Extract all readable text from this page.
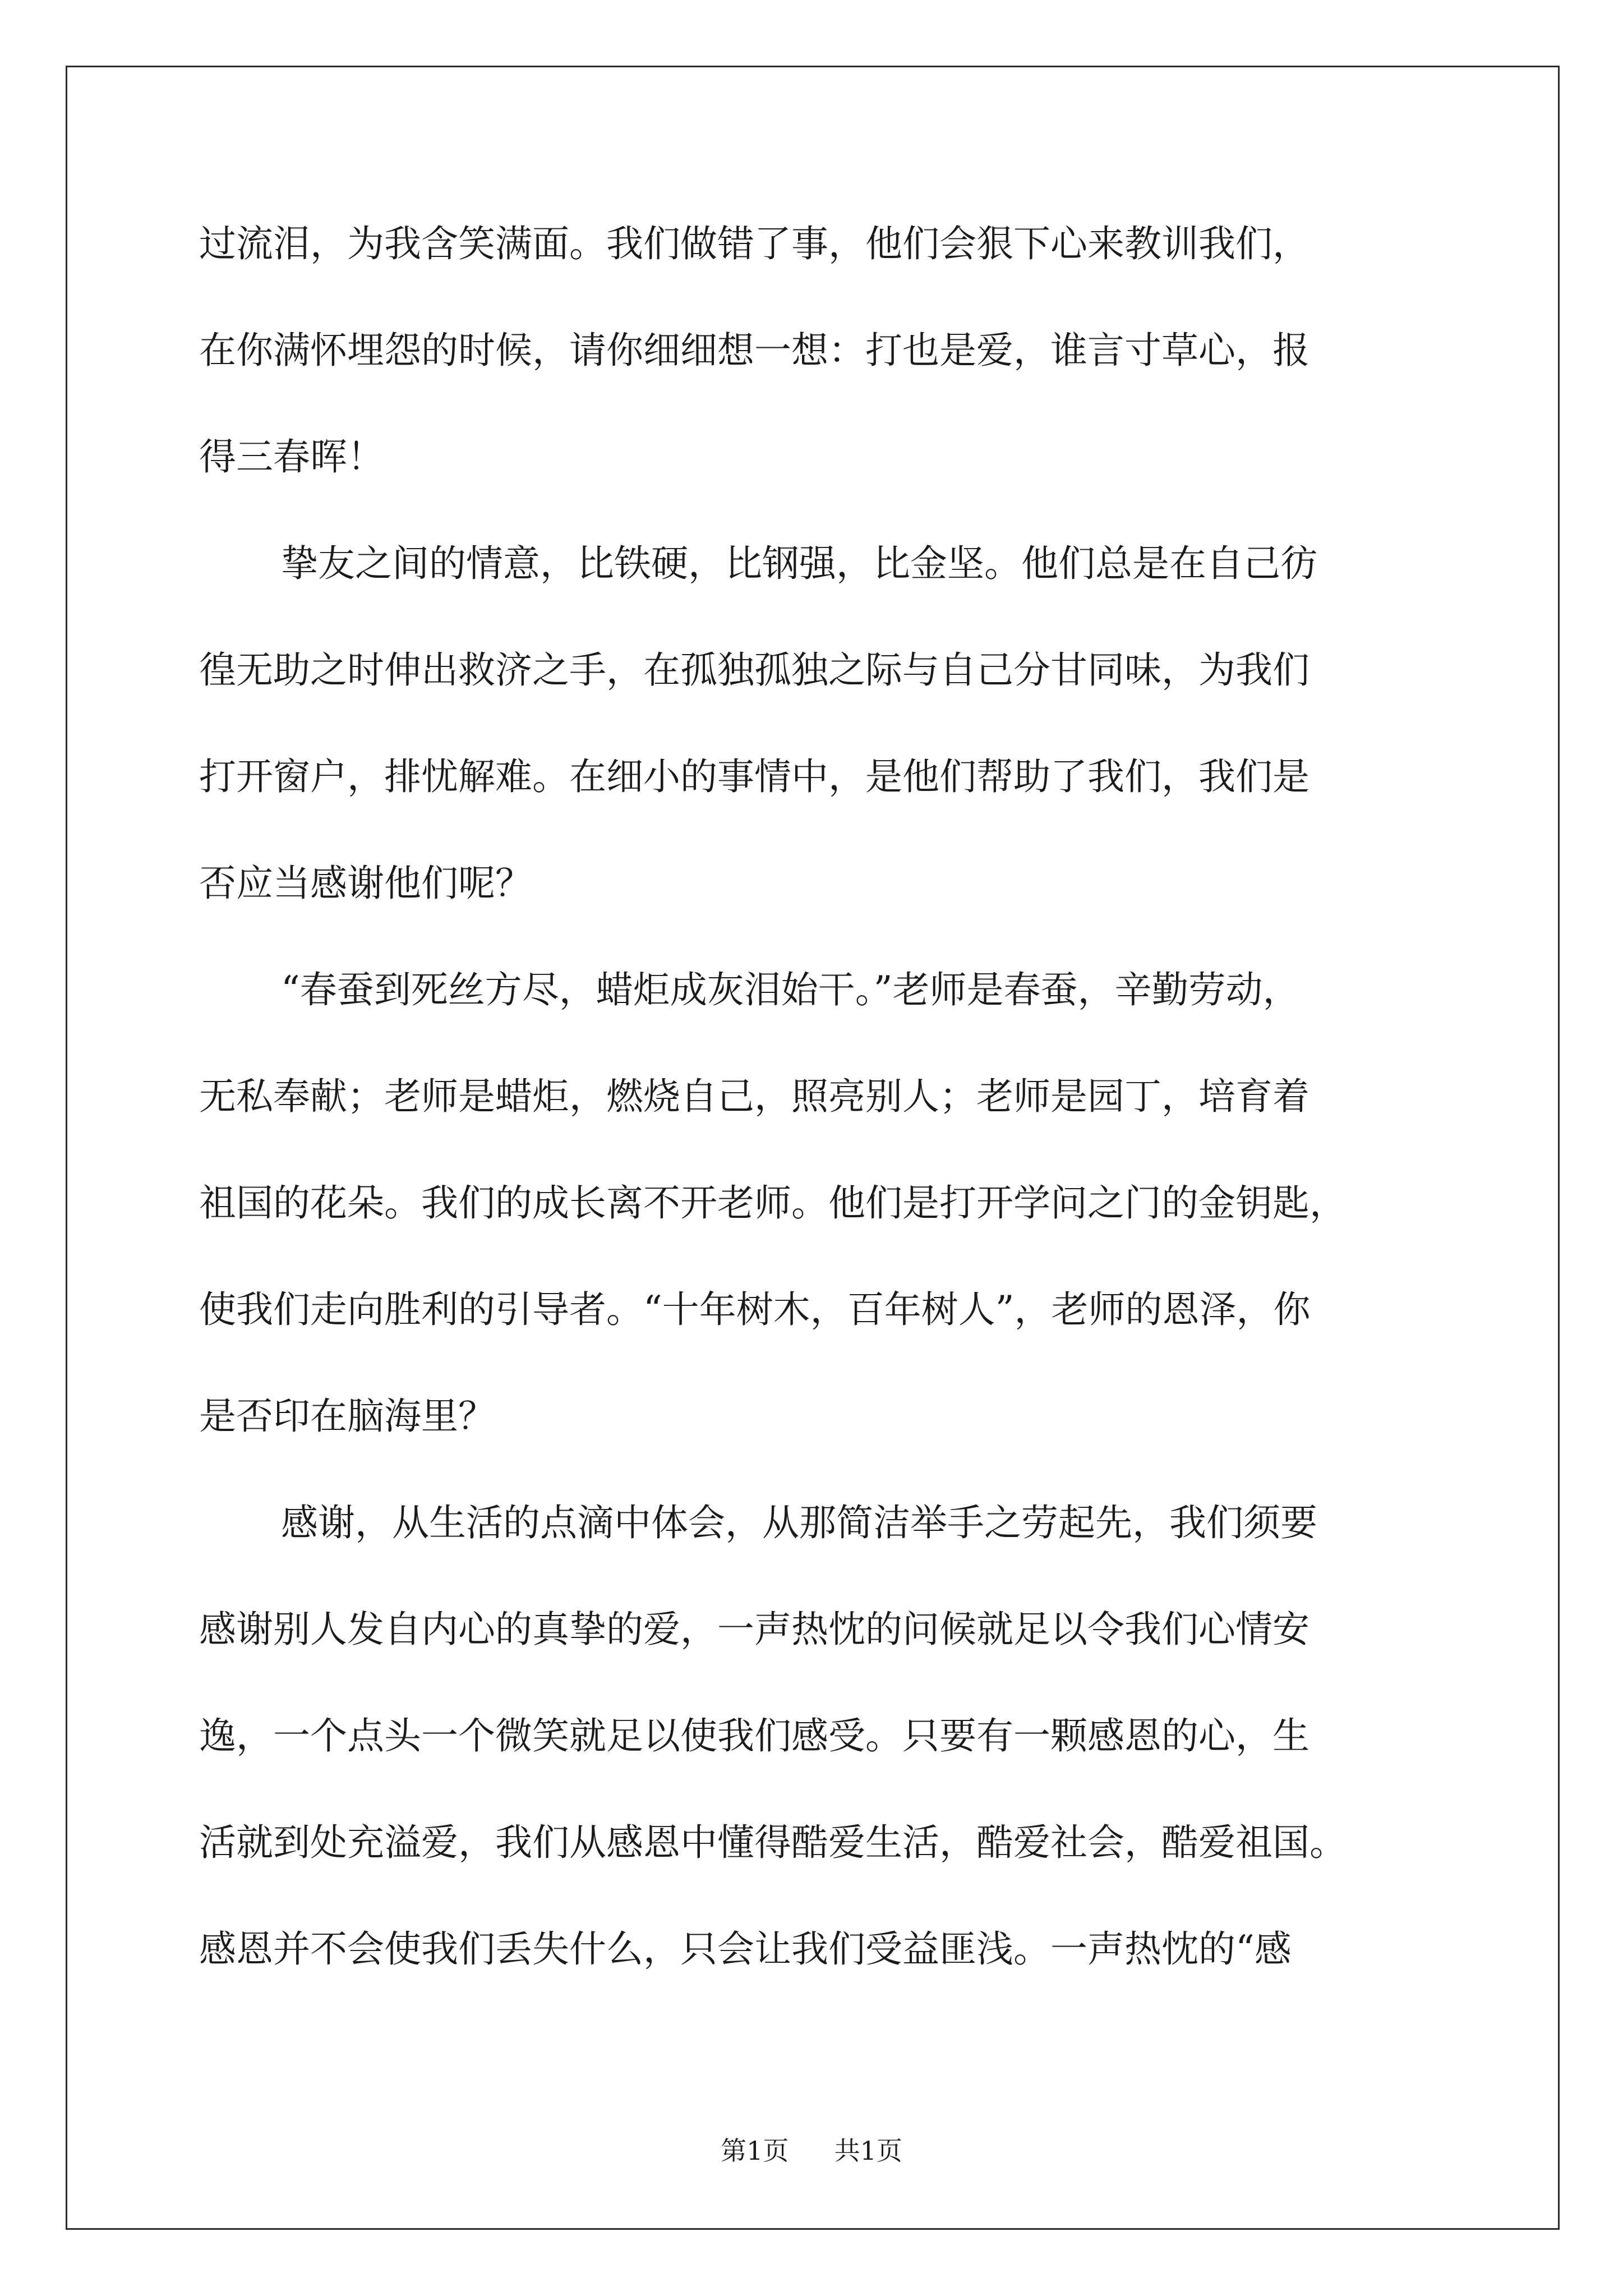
过流泪，为我含笑满面。我们做错了事，他们会狠下心来教训我们，
在你满怀埋怨的时候，请你细细想一想：打也是爱，谁言寸草心，报
得三春晖！
挚友之间的情意，比铁硬，比钢强，比金坚。他们总是在自己彷
徨无助之时伸出救济之手，在孤独孤独之际与自己分甘同味，为我们
打开窗户，排忧解难。在细小的事情中，是他们帮助了我们，我们是
否应当感谢他们呢？
“春蚕到死丝方尽，蜡炬成灰泪始干。”老师是春蚕，辛勤劳动，
无私奉献；老师是蜡炬，燃烧自己，照亮别人；老师是园丁，培育着
祖国的花朵。我们的成长离不开老师。他们是打开学问之门的金钥匙，
使我们走向胜利的引导者。“十年树木，百年树人”，老师的恩泽，你
是否印在脑海里？
感谢，从生活的点滴中体会，从那简洁举手之劳起先，我们须要
感谢别人发自内心的真挚的爱，一声热忱的问候就足以令我们心情安
逸，一个点头一个微笑就足以使我们感受。只要有一颗感恩的心，生
活就到处充溢爱，我们从感恩中懂得酷爱生活，酷爱社会，酷爱祖国。
感恩并不会使我们丢失什么，只会让我们受益匪浅。一声热忱的“感
第1页 共1页
